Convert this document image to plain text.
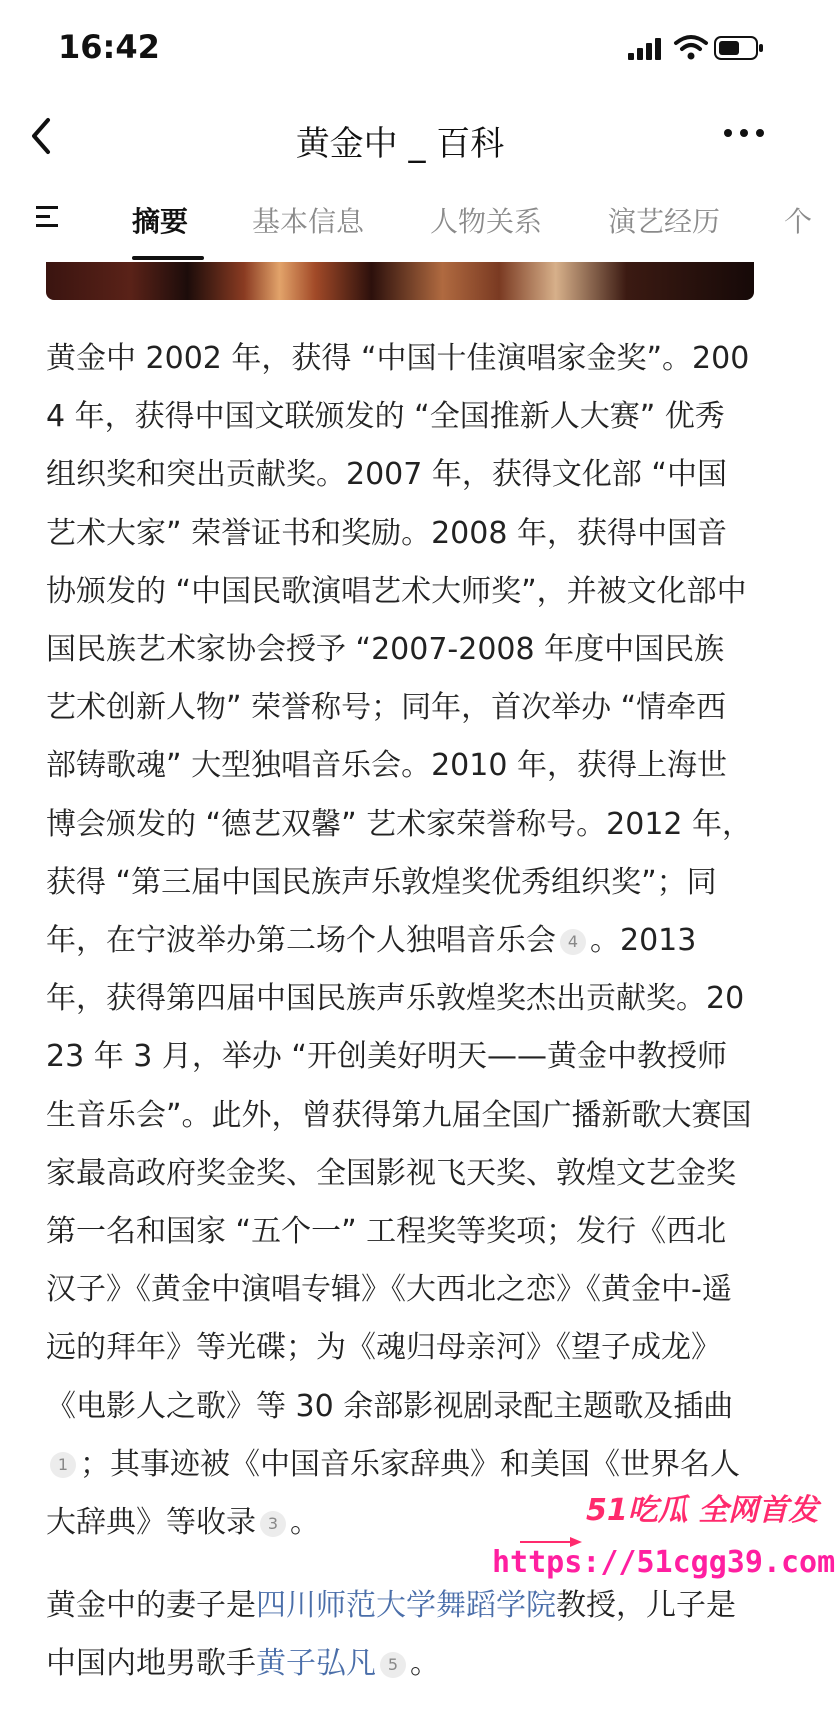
16:42
黄金中 _ 百科
摘要 基本信息 人物关系 演艺经历 个

黄金中 2002 年，获得 “中国十佳演唱家金奖”。2004 年，获得中国文联颁发的 “全国推新人大赛” 优秀组织奖和突出贡献奖。2007 年，获得文化部 “中国艺术大家” 荣誉证书和奖励。2008 年，获得中国音协颁发的 “中国民歌演唱艺术大师奖”，并被文化部中国民族艺术家协会授予 “2007-2008 年度中国民族艺术创新人物” 荣誉称号；同年，首次举办 “情牵西部铸歌魂” 大型独唱音乐会。2010 年，获得上海世博会颁发的 “德艺双馨” 艺术家荣誉称号。2012 年，获得 “第三届中国民族声乐敦煌奖优秀组织奖”；同年，在宁波举办第二场个人独唱音乐会 4 。2013 年，获得第四届中国民族声乐敦煌奖杰出贡献奖。2023 年 3 月，举办 “开创美好明天——黄金中教授师生音乐会”。此外，曾获得第九届全国广播新歌大赛国家最高政府奖金奖、全国影视飞天奖、敦煌文艺金奖第一名和国家 “五个一” 工程奖等奖项；发行《西北汉子》《黄金中演唱专辑》《大西北之恋》《黄金中-遥远的拜年》等光碟；为《魂归母亲河》《望子成龙》《电影人之歌》等 30 余部影视剧录配主题歌及插曲1 ；其事迹被《中国音乐家辞典》和美国《世界名人大辞典》等收录 3 。

黄金中的妻子是四川师范大学舞蹈学院教授，儿子是中国内地男歌手黄子弘凡 5 。

51吃瓜 全网首发
https://51cgg39.com
